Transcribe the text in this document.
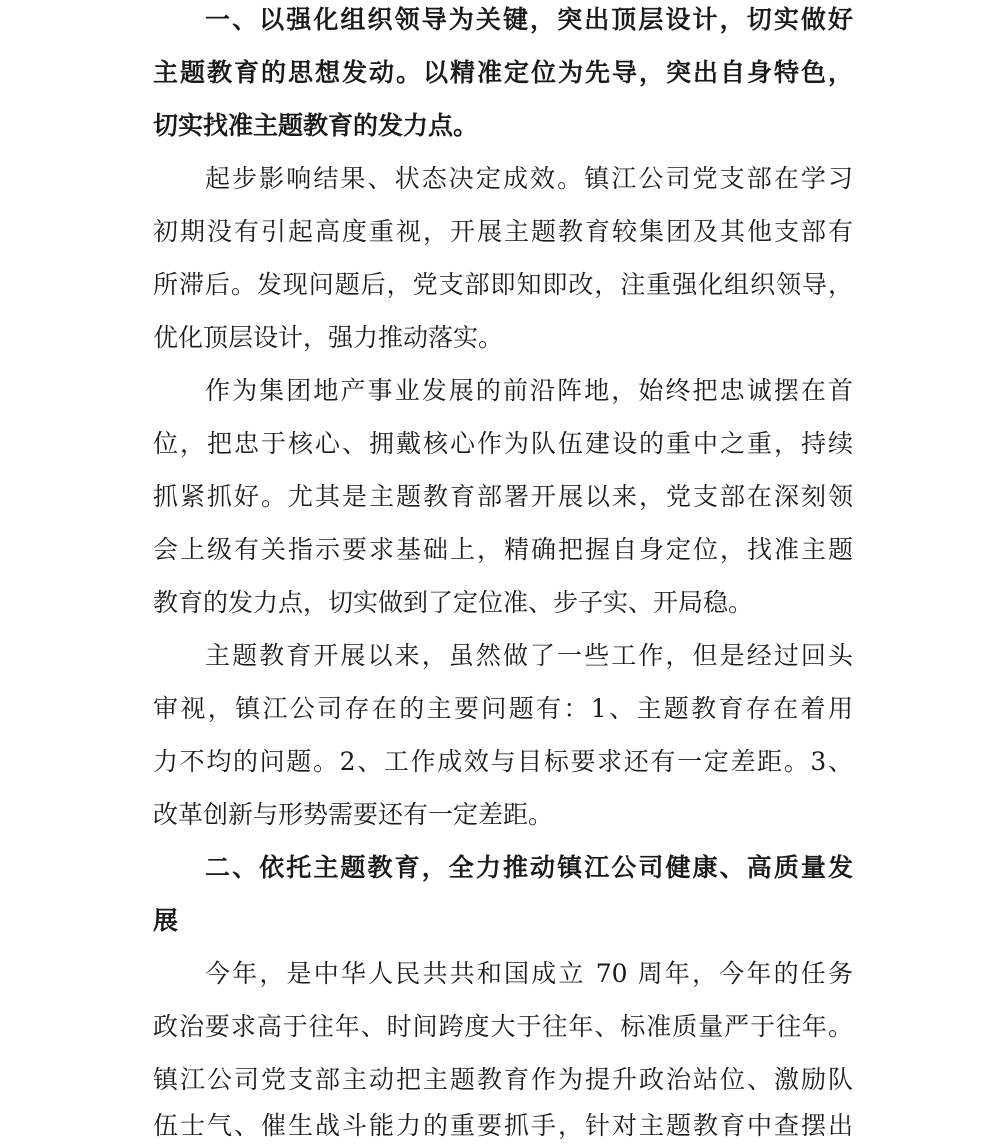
一、以强化组织领导为关键，突出顶层设计，切实做好
主题教育的思想发动。以精准定位为先导，突出自身特色，
切实找准主题教育的发力点。
起步影响结果、状态决定成效。镇江公司党支部在学习
初期没有引起高度重视，开展主题教育较集团及其他支部有
所滞后。发现问题后，党支部即知即改，注重强化组织领导，
优化顶层设计，强力推动落实。
作为集团地产事业发展的前沿阵地，始终把忠诚摆在首
位，把忠于核心、拥戴核心作为队伍建设的重中之重，持续
抓紧抓好。尤其是主题教育部署开展以来，党支部在深刻领
会上级有关指示要求基础上，精确把握自身定位，找准主题
教育的发力点，切实做到了定位准、步子实、开局稳。
主题教育开展以来，虽然做了一些工作，但是经过回头
审视，镇江公司存在的主要问题有：1、主题教育存在着用
力不均的问题。2、工作成效与目标要求还有一定差距。3、
改革创新与形势需要还有一定差距。
二、依托主题教育，全力推动镇江公司健康、高质量发
展
今年，是中华人民共共和国成立 70 周年，今年的任务
政治要求高于往年、时间跨度大于往年、标准质量严于往年。
镇江公司党支部主动把主题教育作为提升政治站位、激励队
伍士气、催生战斗能力的重要抓手，针对主题教育中查摆出
